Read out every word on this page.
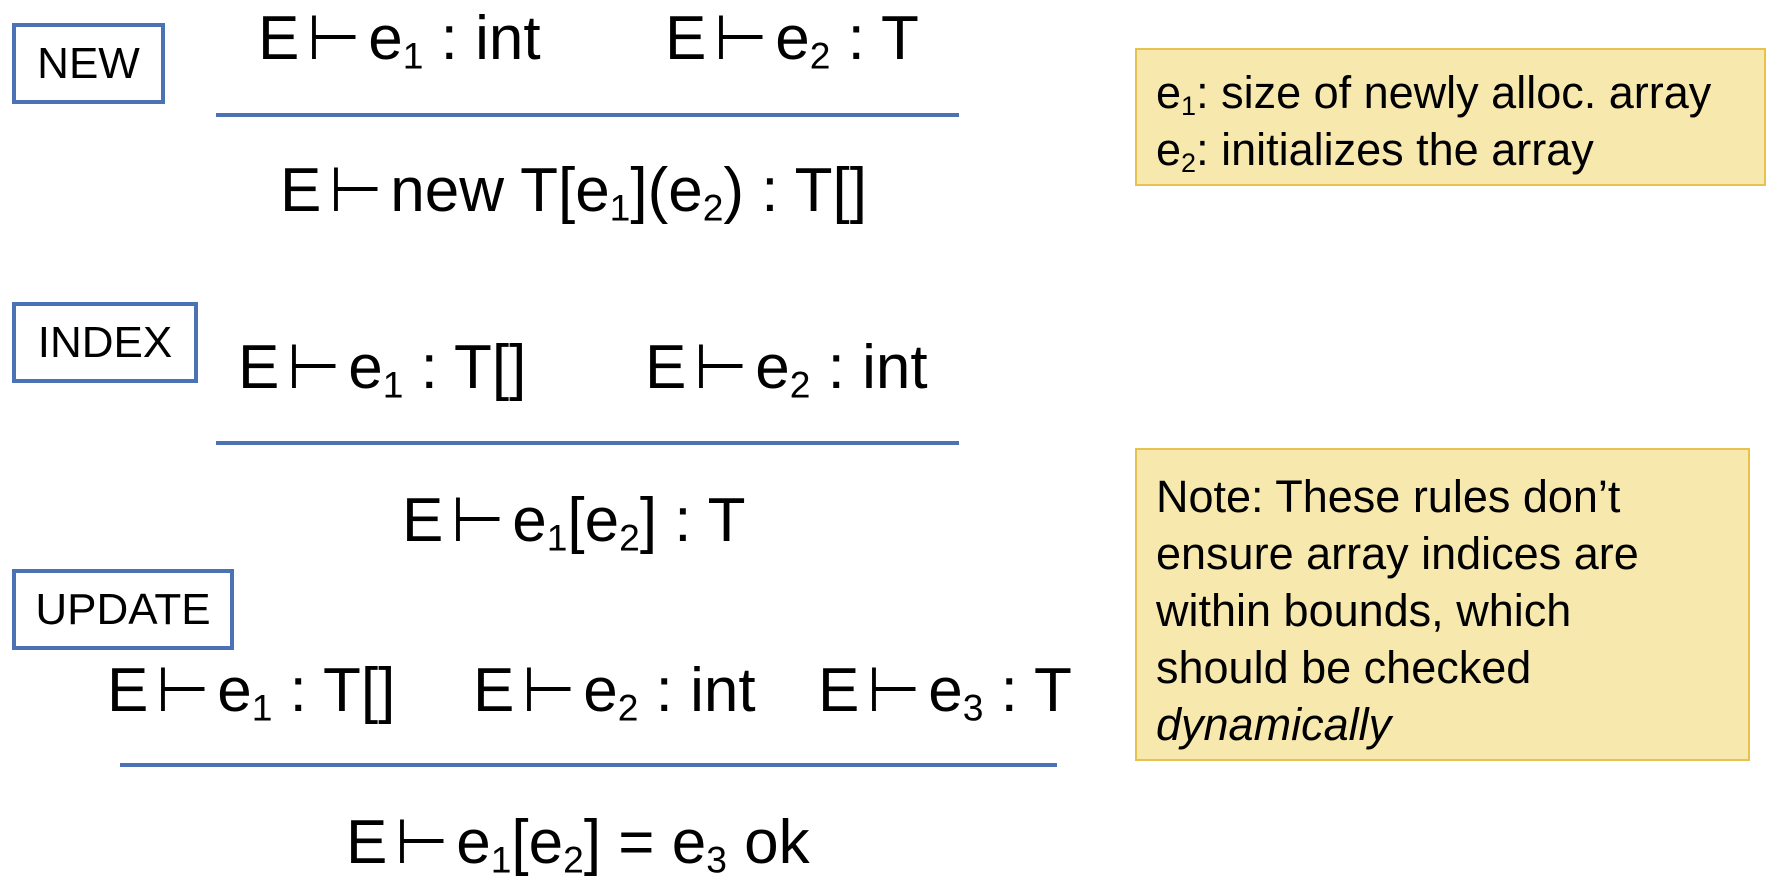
NEW	E ⊢ $e_1$ : int E ⊢ $e_2$ : T
E ⊢ new $T[e_1](e_2)$ : T[]
INDEX	E ⊢ $e_1$ : T[] E ⊢ $e_2$ : int
E ⊢ $e_1[e_2]$ : T
UPDATE
E ⊢ $e_1$ : T[] E ⊢ $e_2$ : int E ⊢ $e_3$ : T
E ⊢ $e_1[e_2] = e_3$ ok
$e_1$: size of newly alloc. array
$e_2$: initializes the array
Note: These rules don’t
ensure array indices are
within bounds, which
should be checked
dynamically
